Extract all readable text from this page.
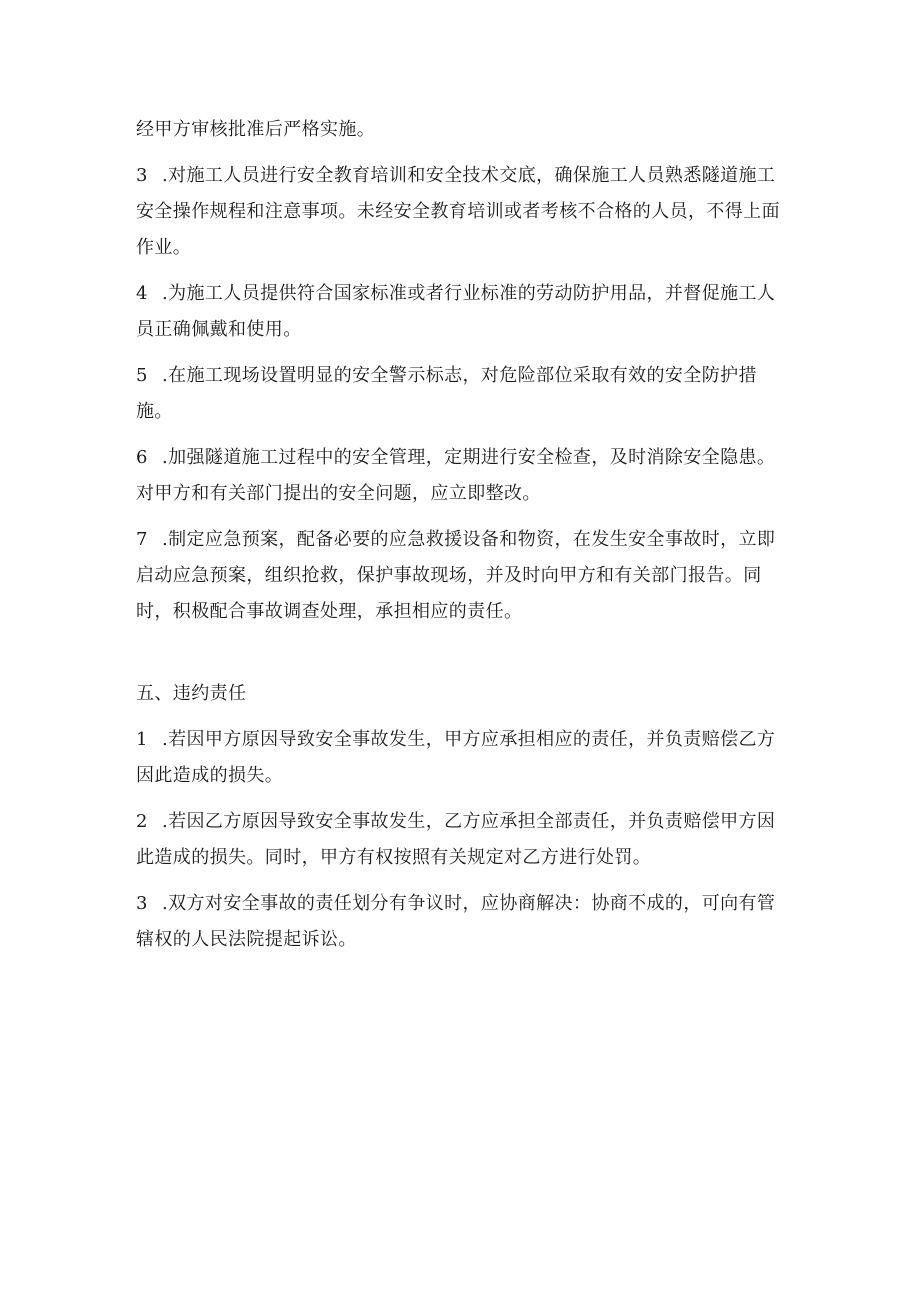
经甲方审核批准后严格实施。

3 .对施工人员进行安全教育培训和安全技术交底，确保施工人员熟悉隧道施工安全操作规程和注意事项。未经安全教育培训或者考核不合格的人员，不得上面作业。

4 .为施工人员提供符合国家标准或者行业标准的劳动防护用品，并督促施工人员正确佩戴和使用。

5 .在施工现场设置明显的安全警示标志，对危险部位采取有效的安全防护措施。

6 .加强隧道施工过程中的安全管理，定期进行安全检查，及时消除安全隐患。对甲方和有关部门提出的安全问题，应立即整改。

7 .制定应急预案，配备必要的应急救援设备和物资，在发生安全事故时，立即启动应急预案，组织抢救，保护事故现场，并及时向甲方和有关部门报告。同时，积极配合事故调查处理，承担相应的责任。

五、违约责任

1 .若因甲方原因导致安全事故发生，甲方应承担相应的责任，并负责赔偿乙方因此造成的损失。

2 .若因乙方原因导致安全事故发生，乙方应承担全部责任，并负责赔偿甲方因此造成的损失。同时，甲方有权按照有关规定对乙方进行处罚。

3 .双方对安全事故的责任划分有争议时，应协商解决：协商不成的，可向有管辖权的人民法院提起诉讼。
